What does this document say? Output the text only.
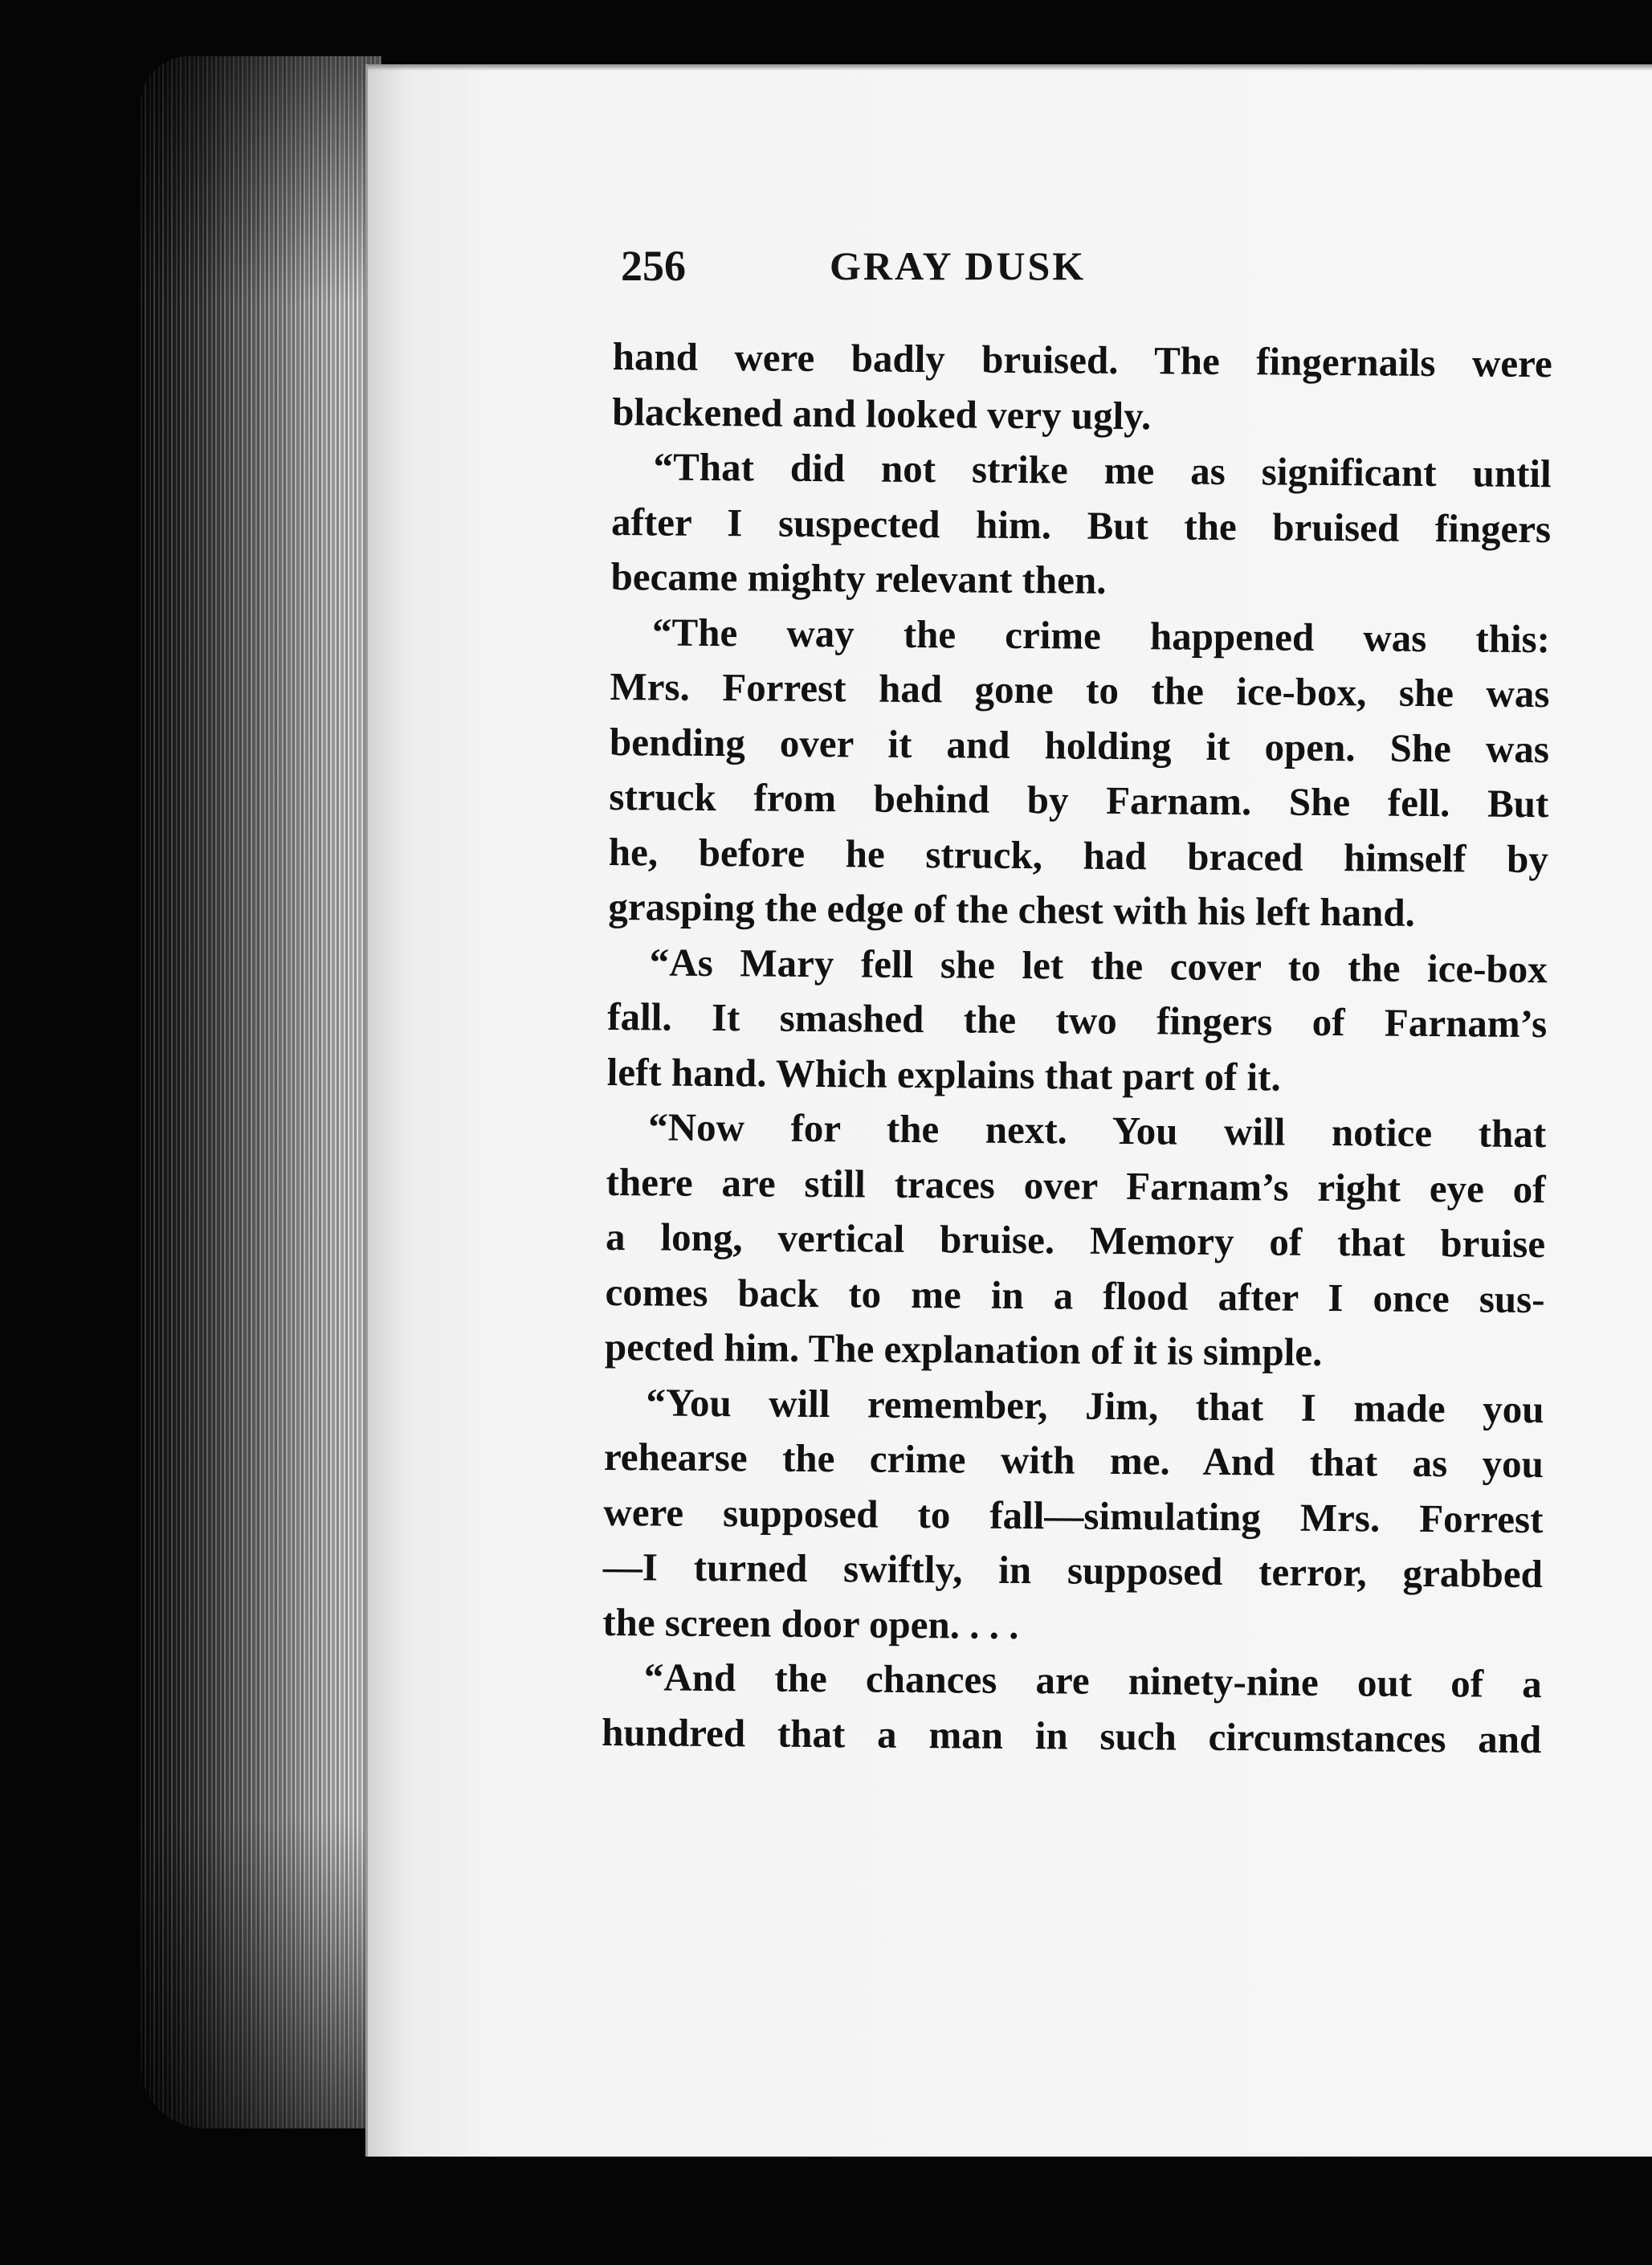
256	GRAY DUSK
hand were badly bruised. The fingernails were
blackened and looked very ugly.
“That did not strike me as significant until
after I suspected him. But the bruised fingers
became mighty relevant then.
“The way the crime happened was this:
Mrs. Forrest had gone to the ice-box, she was
bending over it and holding it open. She was
struck from behind by Farnam. She fell. But
he, before he struck, had braced himself by
grasping the edge of the chest with his left hand.
“As Mary fell she let the cover to the ice-box
fall. It smashed the two fingers of Farnam’s
left hand. Which explains that part of it.
“Now for the next. You will notice that
there are still traces over Farnam’s right eye of
a long, vertical bruise. Memory of that bruise
comes back to me in a flood after I once sus-
pected him. The explanation of it is simple.
“You will remember, Jim, that I made you
rehearse the crime with me. And that as you
were supposed to fall—simulating Mrs. Forrest
—I turned swiftly, in supposed terror, grabbed
the screen door open. . . .
“And the chances are ninety-nine out of a
hundred that a man in such circumstances and
